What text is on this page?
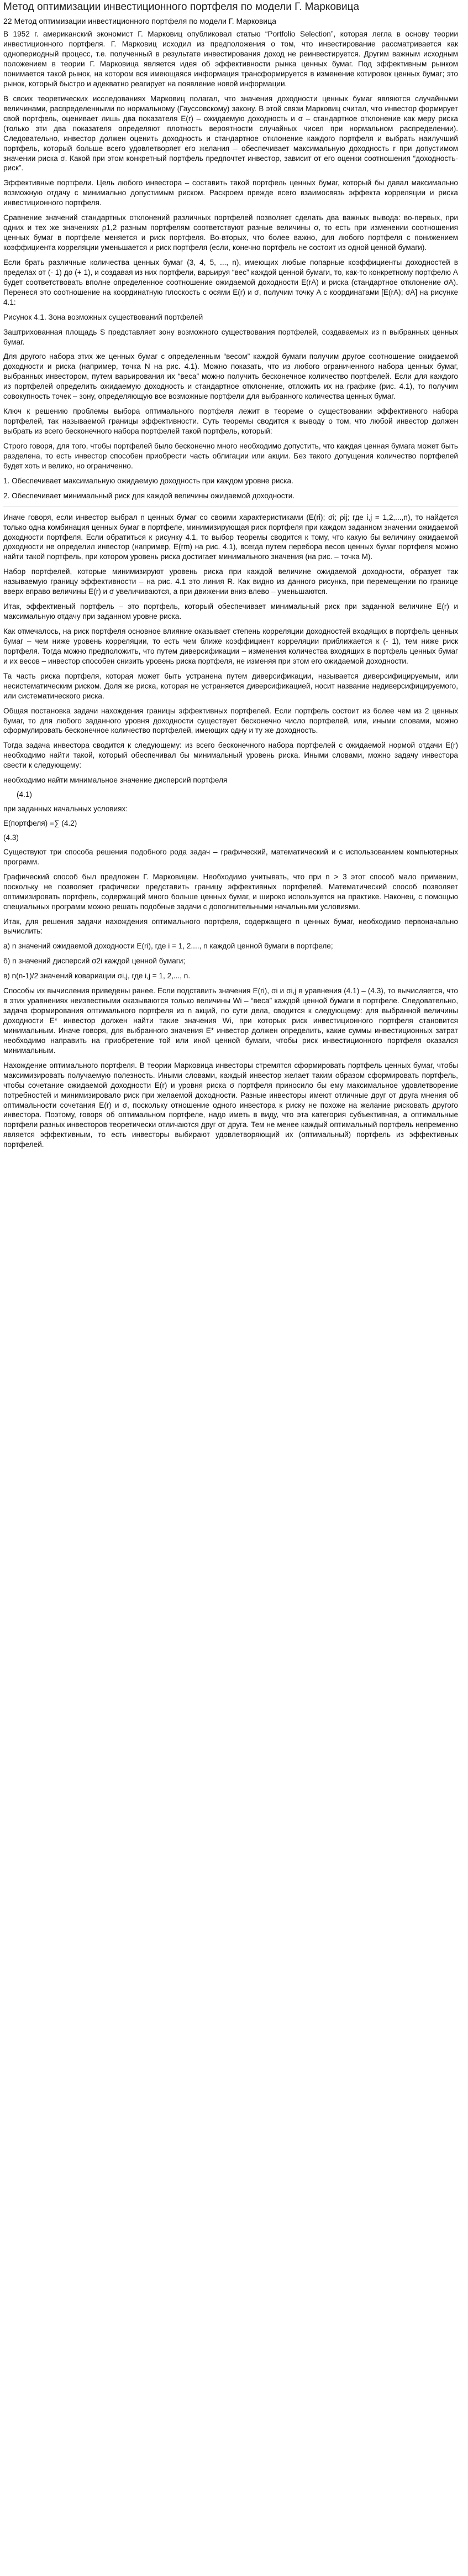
Метод оптимизации инвестиционного портфеля по модели Г. Марковица
22 Метод оптимизации инвестиционного портфеля по модели Г. Марковица

В 1952 г. американский экономист Г. Марковиц опубликовал статью “Portfolio Selection”, которая легла в основу теории инвестиционного портфеля. Г. Марковиц исходил из предположения о том, что инвестирование рассматривается как однопериодный процесс, т.е. полученный в результате инвестирования доход не реинвестируется. Другим важным исходным положением в теории Г. Марковица является идея об эффективности рынка ценных бумаг. Под эффективным рынком понимается такой рынок, на котором вся имеющаяся информация трансформируется в изменение котировок ценных бумаг; это рынок, который быстро и адекватно реагирует на появление новой информации.

В своих теоретических исследованиях Марковиц полагал, что значения доходности ценных бумаг являются случайными величинами, распределенными по нормальному (Гауссовскому) закону. В этой связи Марковиц считал, что инвестор формирует свой портфель, оценивает лишь два показателя E(r) – ожидаемую доходность и σ – стандартное отклонение как меру риска (только эти два показателя определяют плотность вероятности случайных чисел при нормальном распределении). Следовательно, инвестор должен оценить доходность и стандартное отклонение каждого портфеля и выбрать наилучший портфель, который больше всего удовлетворяет его желания – обеспечивает максимальную доходность r при допустимом значении риска σ. Какой при этом конкретный портфель предпочтет инвестор, зависит от его оценки соотношения “доходность-риск”.

Эффективные портфели. Цель любого инвестора – составить такой портфель ценных бумаг, который бы давал максимально возможную отдачу с минимально допустимым риском. Раскроем прежде всего взаимосвязь эффекта корреляции и риска инвестиционного портфеля.

Сравнение значений стандартных отклонений различных портфелей позволяет сделать два важных вывода: во-первых, при одних и тех же значениях ρ1,2 разным портфелям соответствуют разные величины σ, то есть при изменении соотношения ценных бумаг в портфеле меняется и риск портфеля. Во-вторых, что более важно, для любого портфеля с понижением коэффициента корреляции уменьшается и риск портфеля (если, конечно портфель не состоит из одной ценной бумаги).

Если брать различные количества ценных бумаг (3, 4, 5, ..., n), имеющих любые попарные коэффициенты доходностей в пределах от (- 1) до (+ 1), и создавая из них портфели, варьируя “вес” каждой ценной бумаги, то, как-то конкретному портфелю A будет соответствовать вполне определенное соотношение ожидаемой доходности E(rA) и риска (стандартное отклонение σA). Перенеся это соотношение на координатную плоскость с осями E(r) и σ, получим точку A с координатами [E(rA); σA] на рисунке 4.1:

Рисунок 4.1. Зона возможных существований портфелей

Заштрихованная площадь S представляет зону возможного существования портфелей, создаваемых из n выбранных ценных бумаг.

Для другого набора этих же ценных бумаг с определенным “весом” каждой бумаги получим другое соотношение ожидаемой доходности и риска (например, точка N на рис. 4.1). Можно показать, что из любого ограниченного набора ценных бумаг, выбранных инвестором, путем варьирования их “веса” можно получить бесконечное количество портфелей. Если для каждого из портфелей определить ожидаемую доходность и стандартное отклонение, отложить их на графике (рис. 4.1), то получим совокупность точек – зону, определяющую все возможные портфели для выбранного количества ценных бумаг.

Ключ к решению проблемы выбора оптимального портфеля лежит в теореме о существовании эффективного набора портфелей, так называемой границы эффективности. Суть теоремы сводится к выводу о том, что любой инвестор должен выбрать из всего бесконечного набора портфелей такой портфель, который:

Строго говоря, для того, чтобы портфелей было бесконечно много необходимо допустить, что каждая ценная бумага может быть разделена, то есть инвестор способен приобрести часть облигации или акции. Без такого допущения количество портфелей будет хоть и велико, но ограниченно.

1. Обеспечивает максимальную ожидаемую доходность при каждом уровне риска.

2. Обеспечивает минимальный риск для каждой величины ожидаемой доходности.

Иначе говоря, если инвестор выбрал n ценных бумаг со своими характеристиками (E(ri); σi; ρij; где i,j = 1,2,...,n), то найдется только одна комбинация ценных бумаг в портфеле, минимизирующая риск портфеля при каждом заданном значении ожидаемой доходности портфеля. Если обратиться к рисунку 4.1, то выбор теоремы сводится к тому, что какую бы величину ожидаемой доходности не определил инвестор (например, E(rm) на рис. 4.1), всегда путем перебора весов ценных бумаг портфеля можно найти такой портфель, при котором уровень риска достигает минимального значения (на рис. – точка M).

Набор портфелей, которые минимизируют уровень риска при каждой величине ожидаемой доходности, образует так называемую границу эффективности – на рис. 4.1 это линия R. Как видно из данного рисунка, при перемещении по границе вверх-вправо величины E(r) и σ увеличиваются, а при движении вниз-влево – уменьшаются.

Итак, эффективный портфель – это портфель, который обеспечивает минимальный риск при заданной величине E(r) и максимальную отдачу при заданном уровне риска.

Как отмечалось, на риск портфеля основное влияние оказывает степень корреляции доходностей входящих в портфель ценных бумаг – чем ниже уровень корреляции, то есть чем ближе коэффициент корреляции приближается к (- 1), тем ниже риск портфеля. Тогда можно предположить, что путем диверсификации – изменения количества входящих в портфель ценных бумаг и их весов – инвестор способен снизить уровень риска портфеля, не изменяя при этом его ожидаемой доходности.

Та часть риска портфеля, которая может быть устранена путем диверсификации, называется диверсифицируемым, или несистематическим риском. Доля же риска, которая не устраняется диверсификацией, носит название недиверсифицируемого, или систематического риска.

Общая постановка задачи нахождения границы эффективных портфелей. Если портфель состоит из более чем из 2 ценных бумаг, то для любого заданного уровня доходности существует бесконечно число портфелей, или, иными словами, можно сформулировать бесконечное количество портфелей, имеющих одну и ту же доходность.

Тогда задача инвестора сводится к следующему: из всего бесконечного набора портфелей с ожидаемой нормой отдачи E(r) необходимо найти такой, который обеспечивал бы минимальный уровень риска. Иными словами, можно задачу инвестора свести к следующему:

необходимо найти минимальное значение дисперсий портфеля

(4.1)

при заданных начальных условиях:

E(портфеля) =∑ (4.2)

(4.3)

Существуют три способа решения подобного рода задач – графический, математический и с использованием компьютерных программ.

Графический способ был предложен Г. Марковицем. Необходимо учитывать, что при n > 3 этот способ мало применим, поскольку не позволяет графически представить границу эффективных портфелей. Математический способ позволяет оптимизировать портфель, содержащий много больше ценных бумаг, и широко используется на практике. Наконец, с помощью специальных программ можно решать подобные задачи с дополнительными начальными условиями.

Итак, для решения задачи нахождения оптимального портфеля, содержащего n ценных бумаг, необходимо первоначально вычислить:

а) n значений ожидаемой доходности E(ri), где i = 1, 2...., n каждой ценной бумаги в портфеле;

б) n значений дисперсий σ2i каждой ценной бумаги;

в) n(n-1)/2 значений ковариации σi,j, где i,j = 1, 2,..., n.

Способы их вычисления приведены ранее. Если подставить значения E(ri), σi и σi,j в уравнения (4.1) – (4.3), то вычисляется, что в этих уравнениях неизвестными оказываются только величины Wi – “веса” каждой ценной бумаги в портфеле. Следовательно, задача формирования оптимального портфеля из n акций, по сути дела, сводится к следующему: для выбранной величины доходности E* инвестор должен найти такие значения Wi, при которых риск инвестиционного портфеля становится минимальным. Иначе говоря, для выбранного значения E* инвестор должен определить, какие суммы инвестиционных затрат необходимо направить на приобретение той или иной ценной бумаги, чтобы риск инвестиционного портфеля оказался минимальным.

Нахождение оптимального портфеля. В теории Марковица инвесторы стремятся сформировать портфель ценных бумаг, чтобы максимизировать получаемую полезность. Иными словами, каждый инвестор желает таким образом сформировать портфель, чтобы сочетание ожидаемой доходности E(r) и уровня риска σ портфеля приносило бы ему максимальное удовлетворение потребностей и минимизировало риск при желаемой доходности. Разные инвесторы имеют отличные друг от друга мнения об оптимальности сочетания E(r) и σ, поскольку отношение одного инвестора к риску не похоже на желание рисковать другого инвестора. Поэтому, говоря об оптимальном портфеле, надо иметь в виду, что эта категория субъективная, а оптимальные портфели разных инвесторов теоретически отличаются друг от друга. Тем не менее каждый оптимальный портфель непременно является эффективным, то есть инвесторы выбирают удовлетворяющий их (оптимальный) портфель из эффективных портфелей.
